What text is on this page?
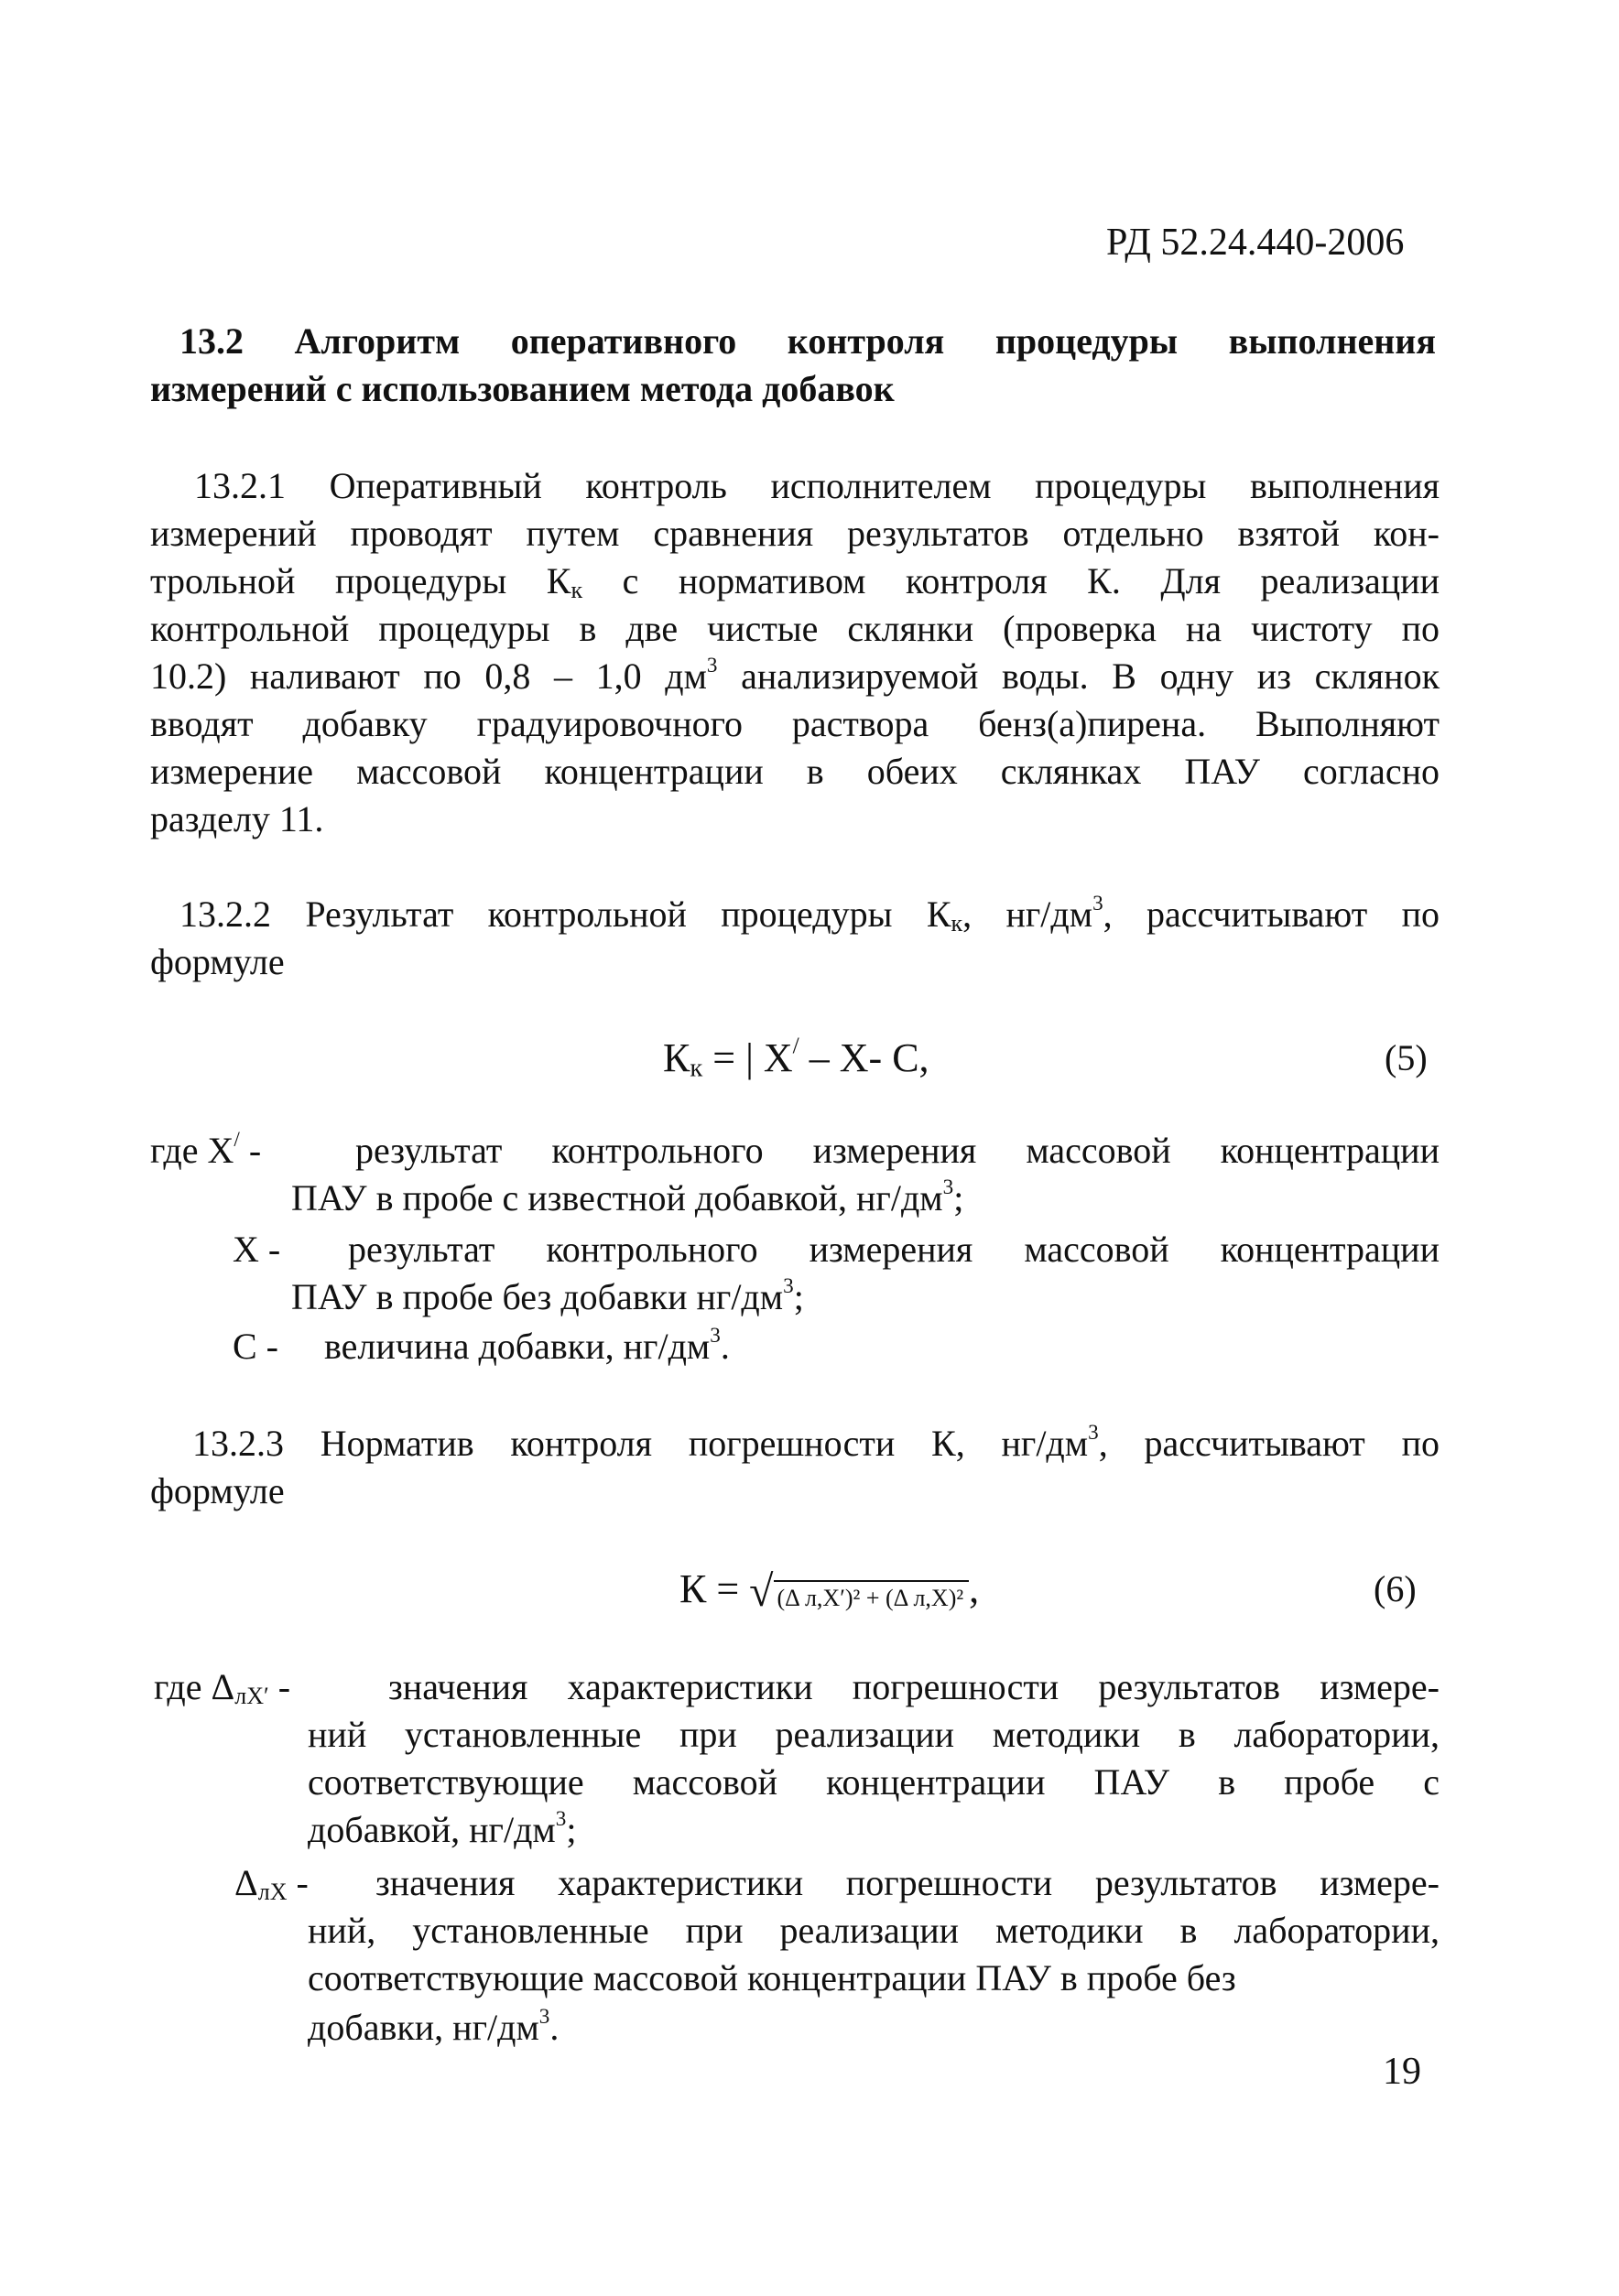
РД 52.24.440-2006
13.2 Алгоритм оперативного контроля процедуры выполнения
измерений с использованием метода добавок
13.2.1 Оперативный контроль исполнителем процедуры выполнения
измерений проводят путем сравнения результатов отдельно взятой кон-
трольной процедуры $К_к$ с нормативом контроля К. Для реализации
контрольной процедуры в две чистые склянки (проверка на чистоту по
10.2) наливают по 0,8 – 1,0 $дм^3$ анализируемой воды. В одну из склянок
вводят добавку градуировочного раствора бенз(а)пирена. Выполняют
измерение массовой концентрации в обеих склянках ПАУ согласно
разделу 11.
13.2.2 Результат контрольной процедуры $К_к$, $нг/дм^3$, рассчитывают по
формуле
Кк = | X/ – X- C,	(5)
где X/ -	результат контрольного измерения массовой концентрации
ПАУ в пробе с известной добавкой, $нг/дм^3$;
X - результат контрольного измерения массовой концентрации
ПАУ в пробе без добавки $нг/дм^3$;
С - величина добавки, $нг/дм^3$.
13.2.3 Норматив контроля погрешности К, $нг/дм^3$, рассчитывают по
формуле
К = √ (Δ л,X′)² + (Δ л,X)² ,	(6)
где $\Delta_{лX'}$ -	значения характеристики погрешности результатов измере-
ний установленные при реализации методики в лаборатории,
соответствующие массовой концентрации ПАУ в пробе с
добавкой, $нг/дм^3$;
$\Delta_{лX}$ - значения характеристики погрешности результатов измере-
ний, установленные при реализации методики в лаборатории,
соответствующие массовой концентрации ПАУ в пробе без
добавки, $нг/дм^3$.
19
